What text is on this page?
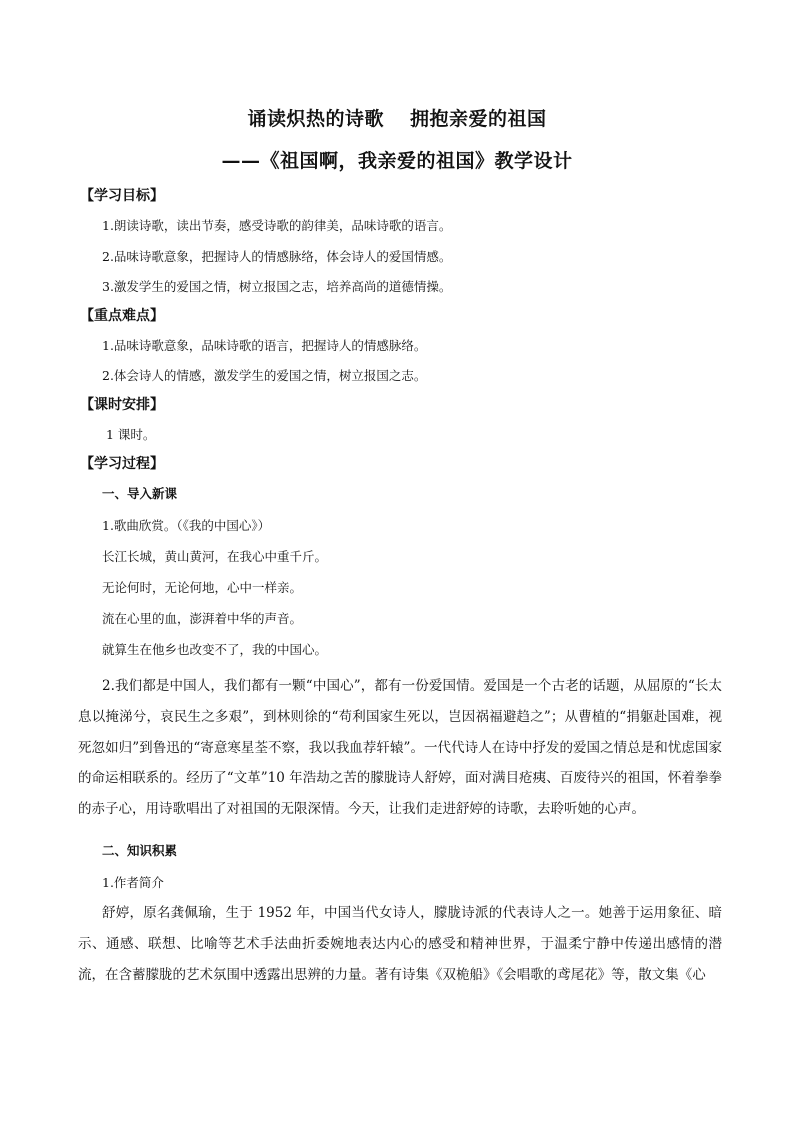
诵读炽热的诗歌 拥抱亲爱的祖国
——《祖国啊，我亲爱的祖国》教学设计
【学习目标】
1.朗读诗歌，读出节奏，感受诗歌的韵律美，品味诗歌的语言。
2.品味诗歌意象，把握诗人的情感脉络，体会诗人的爱国情感。
3.激发学生的爱国之情，树立报国之志，培养高尚的道德情操。
【重点难点】
1.品味诗歌意象，品味诗歌的语言，把握诗人的情感脉络。
2.体会诗人的情感，激发学生的爱国之情，树立报国之志。
【课时安排】
1 课时。
【学习过程】
一、导入新课
1.歌曲欣赏。（《我的中国心》）
长江长城，黄山黄河，在我心中重千斤。
无论何时，无论何地，心中一样亲。
流在心里的血，澎湃着中华的声音。
就算生在他乡也改变不了，我的中国心。

2.我们都是中国人，我们都有一颗“中国心”，都有一份爱国情。爱国是一个古老的话题，从屈原的“长太息以掩涕兮，哀民生之多艰”，到林则徐的“苟利国家生死以，岂因祸福避趋之”；从曹植的“捐躯赴国难，视死忽如归”到鲁迅的“寄意寒星荃不察，我以我血荐轩辕”。一代代诗人在诗中抒发的爱国之情总是和忧虑国家的命运相联系的。经历了“文革”10 年浩劫之苦的朦胧诗人舒婷，面对满目疮痍、百废待兴的祖国，怀着拳拳的赤子心，用诗歌唱出了对祖国的无限深情。今天，让我们走进舒婷的诗歌，去聆听她的心声。

二、知识积累
1.作者简介

舒婷，原名龚佩瑜，生于 1952 年，中国当代女诗人，朦胧诗派的代表诗人之一。她善于运用象征、暗示、通感、联想、比喻等艺术手法曲折委婉地表达内心的感受和精神世界，于温柔宁静中传递出感情的潜流，在含蓄朦胧的艺术氛围中透露出思辨的力量。著有诗集《双桅船》《会唱歌的鸢尾花》等，散文集《心
